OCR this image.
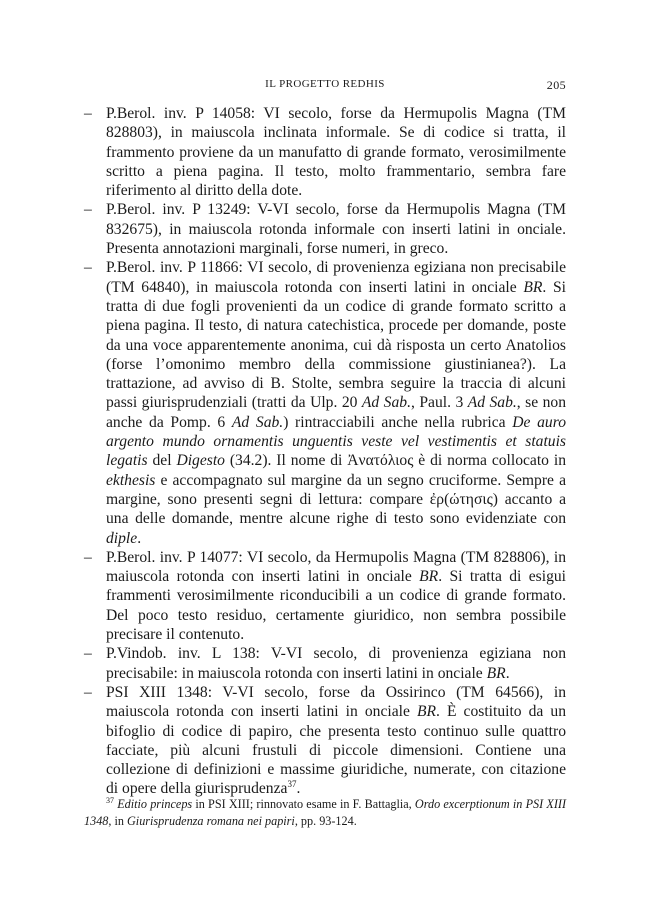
IL PROGETTO REDHIS	205
– P.Berol. inv. P 14058: VI secolo, forse da Hermupolis Magna (TM 828803), in maiuscola inclinata informale. Se di codice si tratta, il frammento proviene da un manufatto di grande formato, verosimilmente scritto a piena pagina. Il testo, molto frammentario, sembra fare riferimento al diritto della dote.
– P.Berol. inv. P 13249: V-VI secolo, forse da Hermupolis Magna (TM 832675), in maiuscola rotonda informale con inserti latini in onciale. Presenta annotazioni marginali, forse numeri, in greco.
– P.Berol. inv. P 11866: VI secolo, di provenienza egiziana non precisabile (TM 64840), in maiuscola rotonda con inserti latini in onciale BR. Si tratta di due fogli provenienti da un codice di grande formato scritto a piena pagina. Il testo, di natura catechistica, procede per domande, poste da una voce apparentemente anonima, cui dà risposta un certo Anatolios (forse l’omonimo membro della commissione giustinianea?). La trattazione, ad avviso di B. Stolte, sembra seguire la traccia di alcuni passi giurisprudenziali (tratti da Ulp. 20 Ad Sab., Paul. 3 Ad Sab., se non anche da Pomp. 6 Ad Sab.) rintracciabili anche nella rubrica De auro argento mundo ornamentis unguentis veste vel vestimentis et statuis legatis del Digesto (34.2). Il nome di Ἀνατόλιος è di norma collocato in ekthesis e accompagnato sul margine da un segno cruciforme. Sempre a margine, sono presenti segni di lettura: compare ἐρ(ώτησις) accanto a una delle domande, mentre alcune righe di testo sono evidenziate con diple.
– P.Berol. inv. P 14077: VI secolo, da Hermupolis Magna (TM 828806), in maiuscola rotonda con inserti latini in onciale BR. Si tratta di esigui frammenti verosimilmente riconducibili a un codice di grande formato. Del poco testo residuo, certamente giuridico, non sembra possibile precisare il contenuto.
– P.Vindob. inv. L 138: V-VI secolo, di provenienza egiziana non precisabile: in maiuscola rotonda con inserti latini in onciale BR.
– PSI XIII 1348: V-VI secolo, forse da Ossirinco (TM 64566), in maiuscola rotonda con inserti latini in onciale BR. È costituito da un bifoglio di codice di papiro, che presenta testo continuo sulle quattro facciate, più alcuni frustuli di piccole dimensioni. Contiene una collezione di definizioni e massime giuridiche, numerate, con citazione di opere della giurisprudenza$^{37}$.
$^{37}$ Editio princeps in PSI XIII; rinnovato esame in F. Battaglia, Ordo excerptionum in PSI XIII 1348, in Giurisprudenza romana nei papiri, pp. 93-124.
